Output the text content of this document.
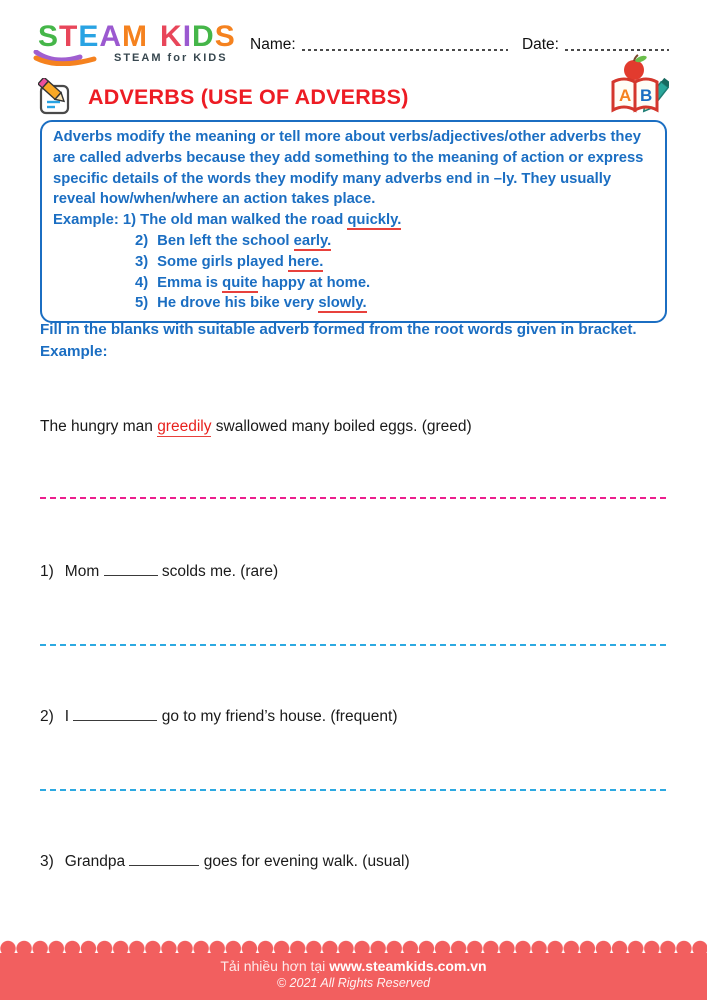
STEAM KIDS
STEAM for KIDS
Name:	Date:
ADVERBS (USE OF ADVERBS)	A B
Adverbs modify the meaning or tell more about verbs/adjectives/other adverbs they are called adverbs because they add something to the meaning of action or express specific details of the words they modify many adverbs end in –ly. They usually reveal how/when/where an action takes place.
Example: 1) The old man walked the road quickly.
2) Ben left the school early.
3) Some girls played here.
4) Emma is quite happy at home.
5) He drove his bike very slowly.
Fill in the blanks with suitable adverb formed from the root words given in bracket.
Example:
The hungry man greedily swallowed many boiled eggs. (greed)
1) Mom	scolds me. (rare)
2) I	go to my friend’s house. (frequent)
3) Grandpa	goes for evening walk. (usual)
Tải nhiều hơn tại www.steamkids.com.vn
© 2021 All Rights Reserved
